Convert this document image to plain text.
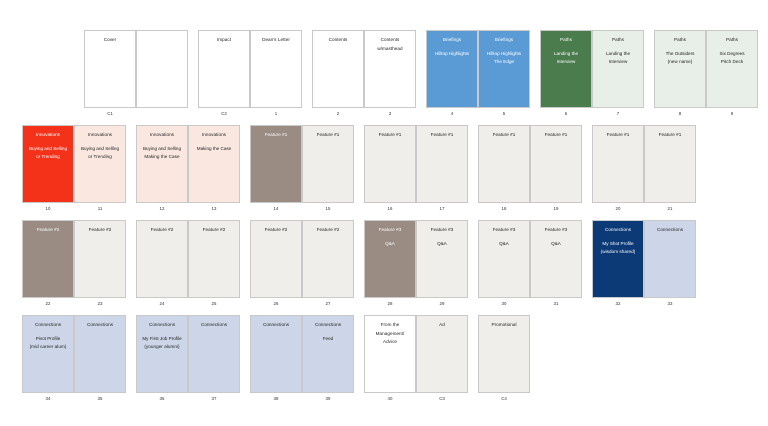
Cover
C1
Impact	Dean's Letter
C2	1
Contents	Contents
w/masthead
2	3
Briefings
Hilltop Highlights
Briefings
Hilltop Highlights
The Edge
4	5
Paths
Landing the
Interview
Paths
Landing the
Interview
6	7
Paths
The Outsiders
(new name)
Paths
Six Degrees
Pitch Deck
8	9
Innovations
Buying and Selling
or Trending
Innovations
Buying and Selling
or Trending
10	11
Innovations
Buying and Selling
Making the Case
Innovations
Making the Case
12	13
Feature #1	Feature #1
14	15
Feature #1	Feature #1
16	17
Feature #1	Feature #1
18	19
Feature #1	Feature #1
20	21
Feature #2	Feature #2
22	23
Feature #2	Feature #2
24	25
Feature #2	Feature #2
26	27
Feature #3
Q&A
Feature #3
Q&A
28	29
Feature #3
Q&A
Feature #3
Q&A
30	31
Connections
My Shot Profile
(wisdom shared)
Connections
32	33
Connections
Pivot Profile
(mid career alum)
Connections
34	35
Connections
My First Job Profile
(younger alumni)
Connections
36	37
Connections	Connections
Feed
38	39
From the
Management/
Advice
Ad
40	C3
Promotional
C4
